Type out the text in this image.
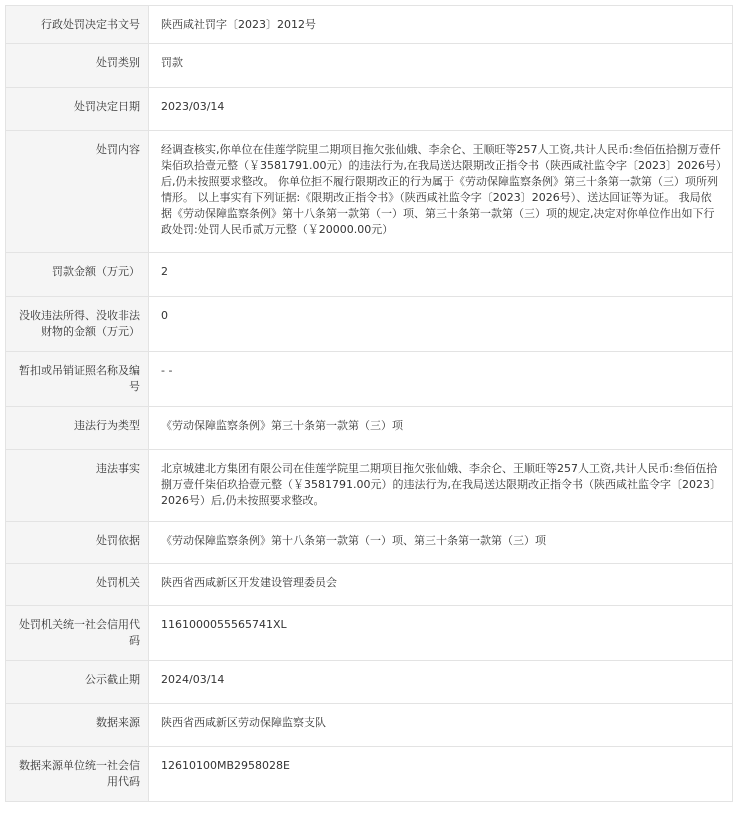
行政处罚决定书文号	陕西咸社罚字〔2023〕2012号
处罚类别	罚款
处罚决定日期	2023/03/14
处罚内容	经调查核实,你单位在佳莲学院里二期项目拖欠张仙娥、李余仑、王顺旺等257人工资,共计人民币:叁佰伍拾捌万壹仟柒佰玖拾壹元整（￥3581791.00元）的违法行为,在我局送达限期改正指令书（陕西咸社监令字〔2023〕2026号）后,仍未按照要求整改。 你单位拒不履行限期改正的行为属于《劳动保障监察条例》第三十条第一款第（三）项所列情形。 以上事实有下列证据:《限期改正指令书》（陕西咸社监令字〔2023〕2026号）、送达回证等为证。 我局依据《劳动保障监察条例》第十八条第一款第（一）项、第三十条第一款第（三）项的规定,决定对你单位作出如下行政处罚:处罚人民币贰万元整（￥20000.00元）
罚款金额（万元）	2
没收违法所得、没收非法财物的金额（万元）	0
暂扣或吊销证照名称及编号	- -
违法行为类型	《劳动保障监察条例》第三十条第一款第（三）项
违法事实	北京城建北方集团有限公司在佳莲学院里二期项目拖欠张仙娥、李余仑、王顺旺等257人工资,共计人民币:叁佰伍拾捌万壹仟柒佰玖拾壹元整（￥3581791.00元）的违法行为,在我局送达限期改正指令书（陕西咸社监令字〔2023〕2026号）后,仍未按照要求整改。
处罚依据	《劳动保障监察条例》第十八条第一款第（一）项、第三十条第一款第（三）项
处罚机关	陕西省西咸新区开发建设管理委员会
处罚机关统一社会信用代码	1161000055565741XL
公示截止期	2024/03/14
数据来源	陕西省西咸新区劳动保障监察支队
数据来源单位统一社会信用代码	12610100MB2958028E
